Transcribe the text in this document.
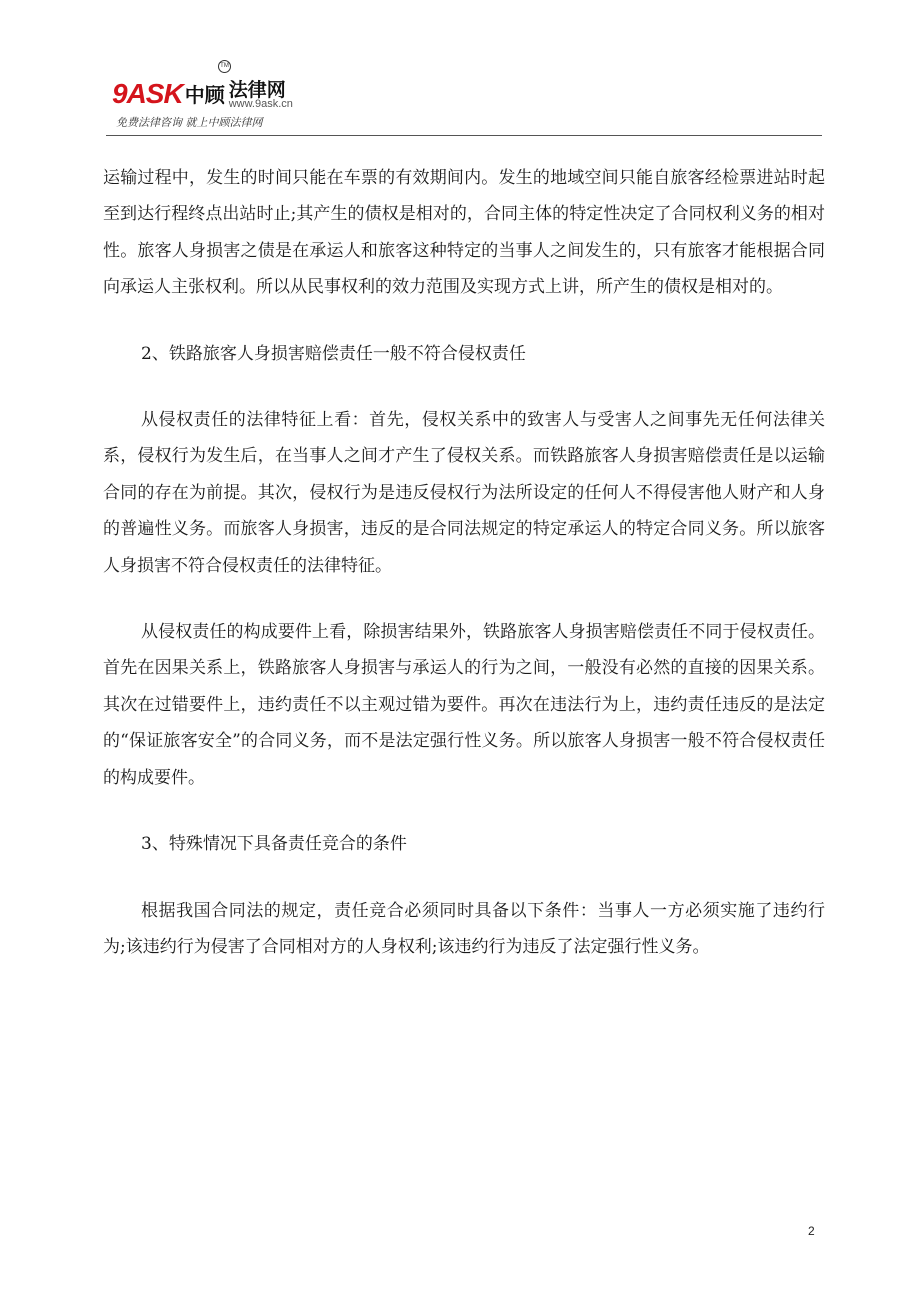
9ASK 中顾 法律网
www.9ask.cn
TM
免费法律咨询 就上中顾法律网

运输过程中，发生的时间只能在车票的有效期间内。发生的地域空间只能自旅客经检票进站时起至到达行程终点出站时止;其产生的债权是相对的，合同主体的特定性决定了合同权利义务的相对性。旅客人身损害之债是在承运人和旅客这种特定的当事人之间发生的，只有旅客才能根据合同向承运人主张权利。所以从民事权利的效力范围及实现方式上讲，所产生的债权是相对的。

2、铁路旅客人身损害赔偿责任一般不符合侵权责任

从侵权责任的法律特征上看：首先，侵权关系中的致害人与受害人之间事先无任何法律关系，侵权行为发生后，在当事人之间才产生了侵权关系。而铁路旅客人身损害赔偿责任是以运输合同的存在为前提。其次，侵权行为是违反侵权行为法所设定的任何人不得侵害他人财产和人身的普遍性义务。而旅客人身损害，违反的是合同法规定的特定承运人的特定合同义务。所以旅客人身损害不符合侵权责任的法律特征。

从侵权责任的构成要件上看，除损害结果外，铁路旅客人身损害赔偿责任不同于侵权责任。首先在因果关系上，铁路旅客人身损害与承运人的行为之间，一般没有必然的直接的因果关系。其次在过错要件上，违约责任不以主观过错为要件。再次在违法行为上，违约责任违反的是法定的“保证旅客安全”的合同义务，而不是法定强行性义务。所以旅客人身损害一般不符合侵权责任的构成要件。

3、特殊情况下具备责任竞合的条件

根据我国合同法的规定，责任竞合必须同时具备以下条件：当事人一方必须实施了违约行为;该违约行为侵害了合同相对方的人身权利;该违约行为违反了法定强行性义务。

2
